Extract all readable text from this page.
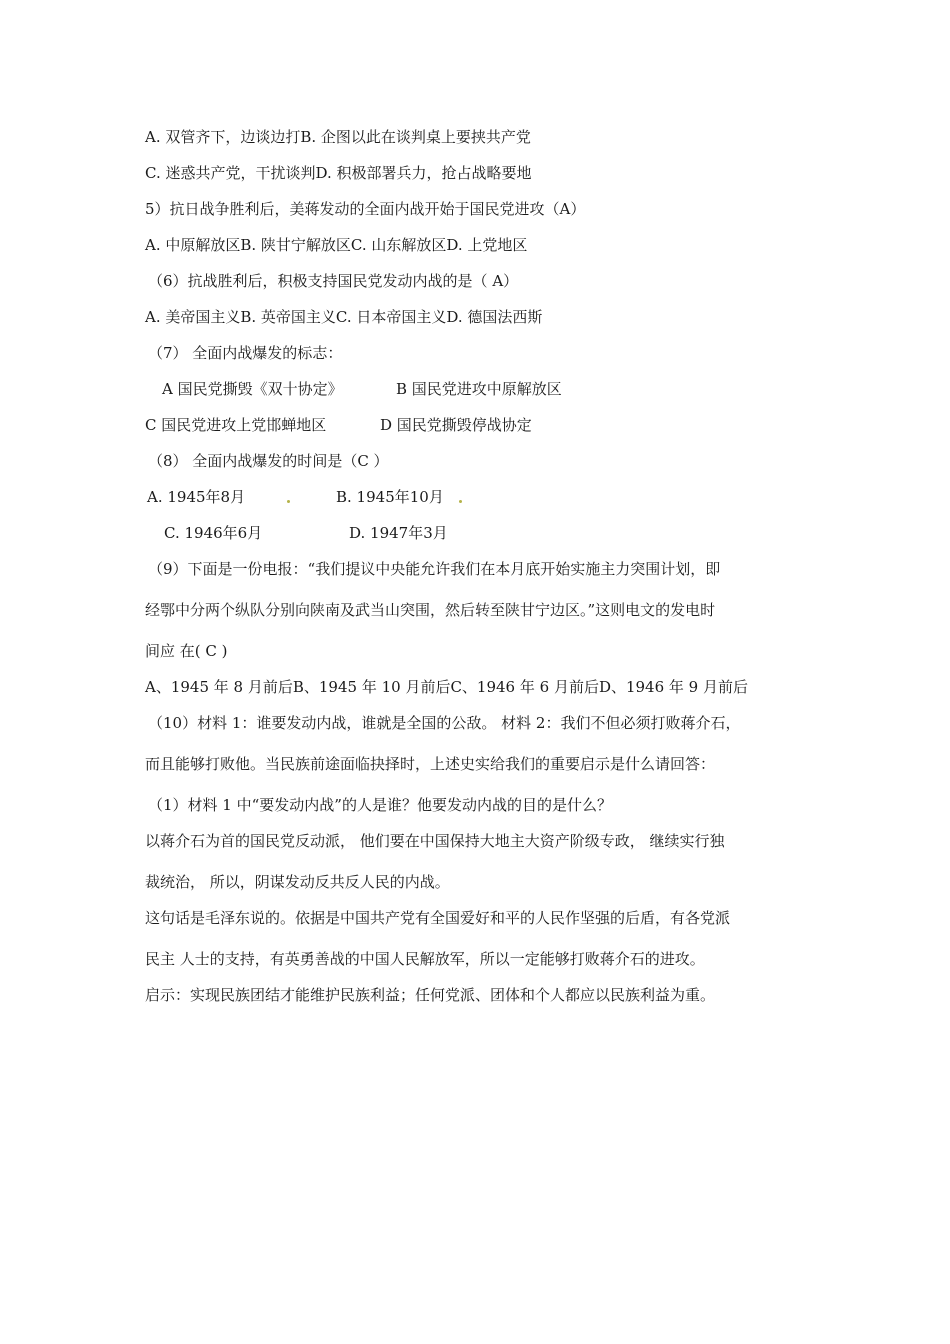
A. 双管齐下，边谈边打B. 企图以此在谈判桌上要挟共产党
C. 迷惑共产党，干扰谈判D. 积极部署兵力，抢占战略要地
5）抗日战争胜利后，美蒋发动的全面内战开始于国民党进攻（A）
A. 中原解放区B. 陕甘宁解放区C. 山东解放区D. 上党地区
（6）抗战胜利后，积极支持国民党发动内战的是（ A）
A. 美帝国主义B. 英帝国主义C. 日本帝国主义D. 德国法西斯
（7） 全面内战爆发的标志：
A 国民党撕毁《双十协定》	B 国民党进攻中原解放区
C 国民党进攻上党邯蝉地区	D 国民党撕毁停战协定
（8） 全面内战爆发的时间是（C ）
A. 1945年8月	B. 1945年10月
C. 1946年6月	D. 1947年3月
（9）下面是一份电报：“我们提议中央能允许我们在本月底开始实施主力突围计划，即
经鄂中分两个纵队分别向陕南及武当山突围，然后转至陕甘宁边区。”这则电文的发电时
间应 在( C )
A、1945 年 8 月前后B、1945 年 10 月前后C、1946 年 6 月前后D、1946 年 9 月前后
（10）材料 1：谁要发动内战，谁就是全国的公敌。 材料 2：我们不但必须打败蒋介石，
而且能够打败他。当民族前途面临抉择时，上述史实给我们的重要启示是什么请回答：
（1）材料 1 中“要发动内战”的人是谁？他要发动内战的目的是什么？
以蒋介石为首的国民党反动派， 他们要在中国保持大地主大资产阶级专政， 继续实行独
裁统治， 所以，阴谋发动反共反人民的内战。
这句话是毛泽东说的。依据是中国共产党有全国爱好和平的人民作坚强的后盾，有各党派
民主 人士的支持，有英勇善战的中国人民解放军，所以一定能够打败蒋介石的进攻。
启示：实现民族团结才能维护民族利益；任何党派、团体和个人都应以民族利益为重。
